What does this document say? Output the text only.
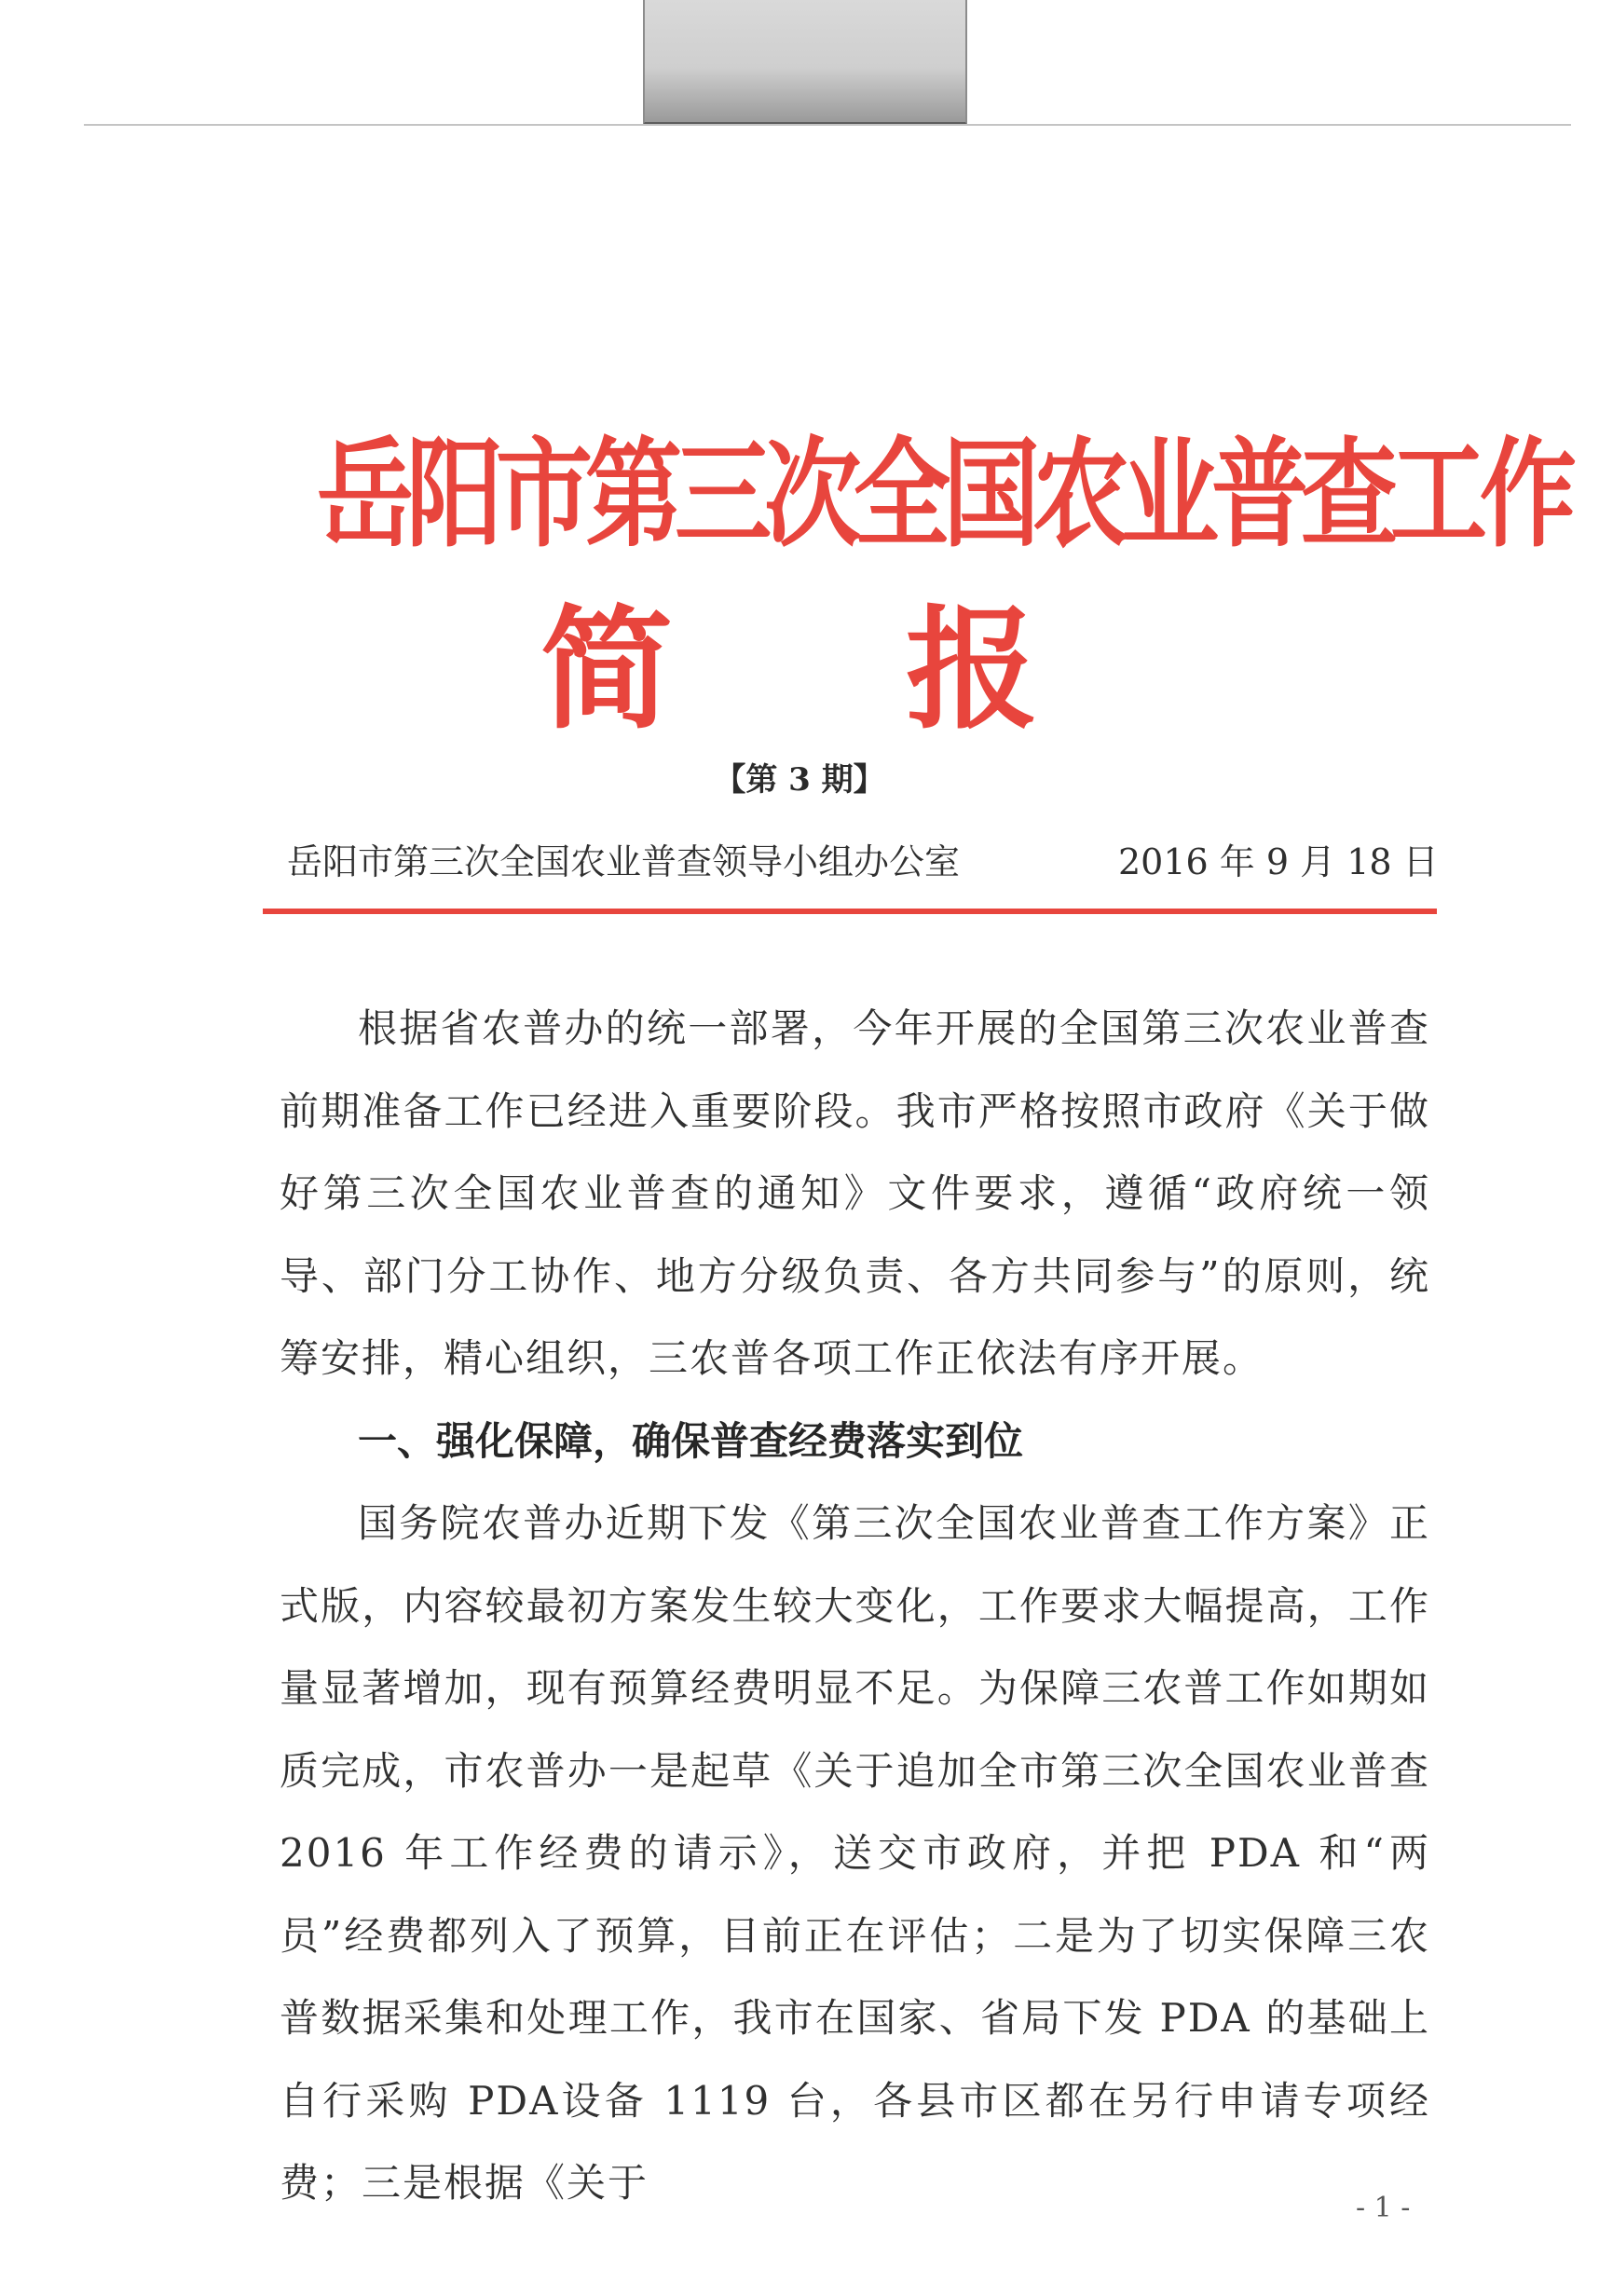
岳阳市第三次全国农业普查工作
简报
【第 3 期】
岳阳市第三次全国农业普查领导小组办公室	2016 年 9 月 18 日

根据省农普办的统一部署，今年开展的全国第三次农业普查前期准备工作已经进入重要阶段。我市严格按照市政府《关于做好第三次全国农业普查的通知》文件要求，遵循“政府统一领导、部门分工协作、地方分级负责、各方共同参与”的原则，统筹安排，精心组织，三农普各项工作正依法有序开展。

一、强化保障，确保普查经费落实到位

国务院农普办近期下发《第三次全国农业普查工作方案》正式版，内容较最初方案发生较大变化，工作要求大幅提高，工作量显著增加，现有预算经费明显不足。为保障三农普工作如期如质完成，市农普办一是起草《关于追加全市第三次全国农业普查2016 年工作经费的请示》，送交市政府，并把 PDA 和“两员”经费都列入了预算，目前正在评估；二是为了切实保障三农普数据采集和处理工作，我市在国家、省局下发 PDA 的基础上自行采购 PDA设备 1119 台，各县市区都在另行申请专项经费；三是根据《关于

- 1 -
